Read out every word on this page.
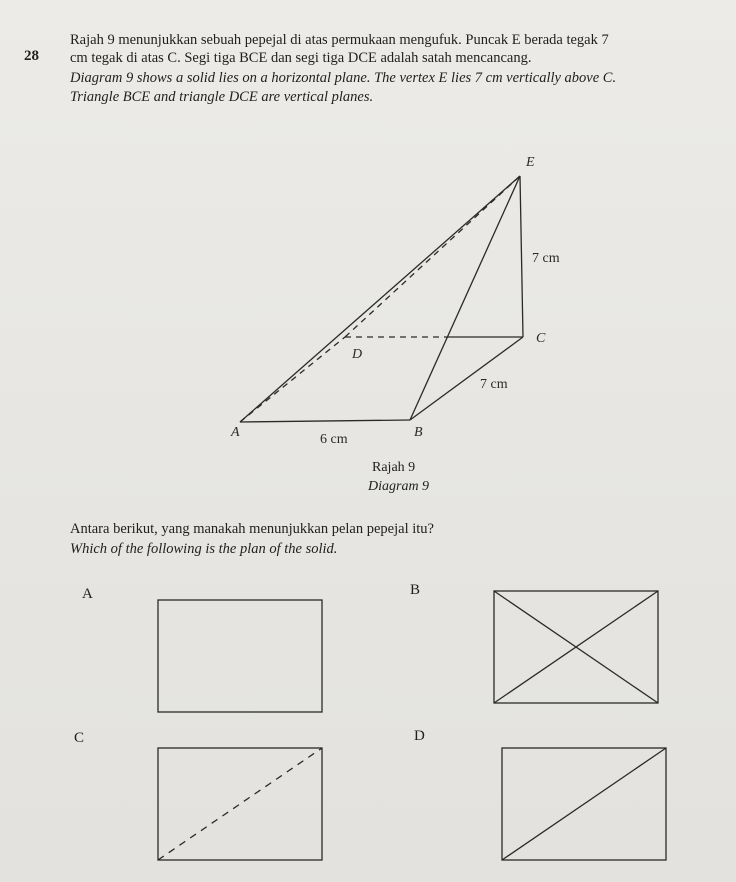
28
Rajah 9 menunjukkan sebuah pepejal di atas permukaan mengufuk. Puncak E berada tegak 7
cm tegak di atas C. Segi tiga BCE dan segi tiga DCE adalah satah mencancang.
Diagram 9 shows a solid lies on a horizontal plane. The vertex E lies 7 cm vertically above C.
Triangle BCE and triangle DCE are vertical planes.
E
C
D
A	B
7 cm
7 cm
6 cm
Rajah 9
Diagram 9
Antara berikut, yang manakah menunjukkan pelan pepejal itu?
Which of the following is the plan of the solid.
A	B
C	D
